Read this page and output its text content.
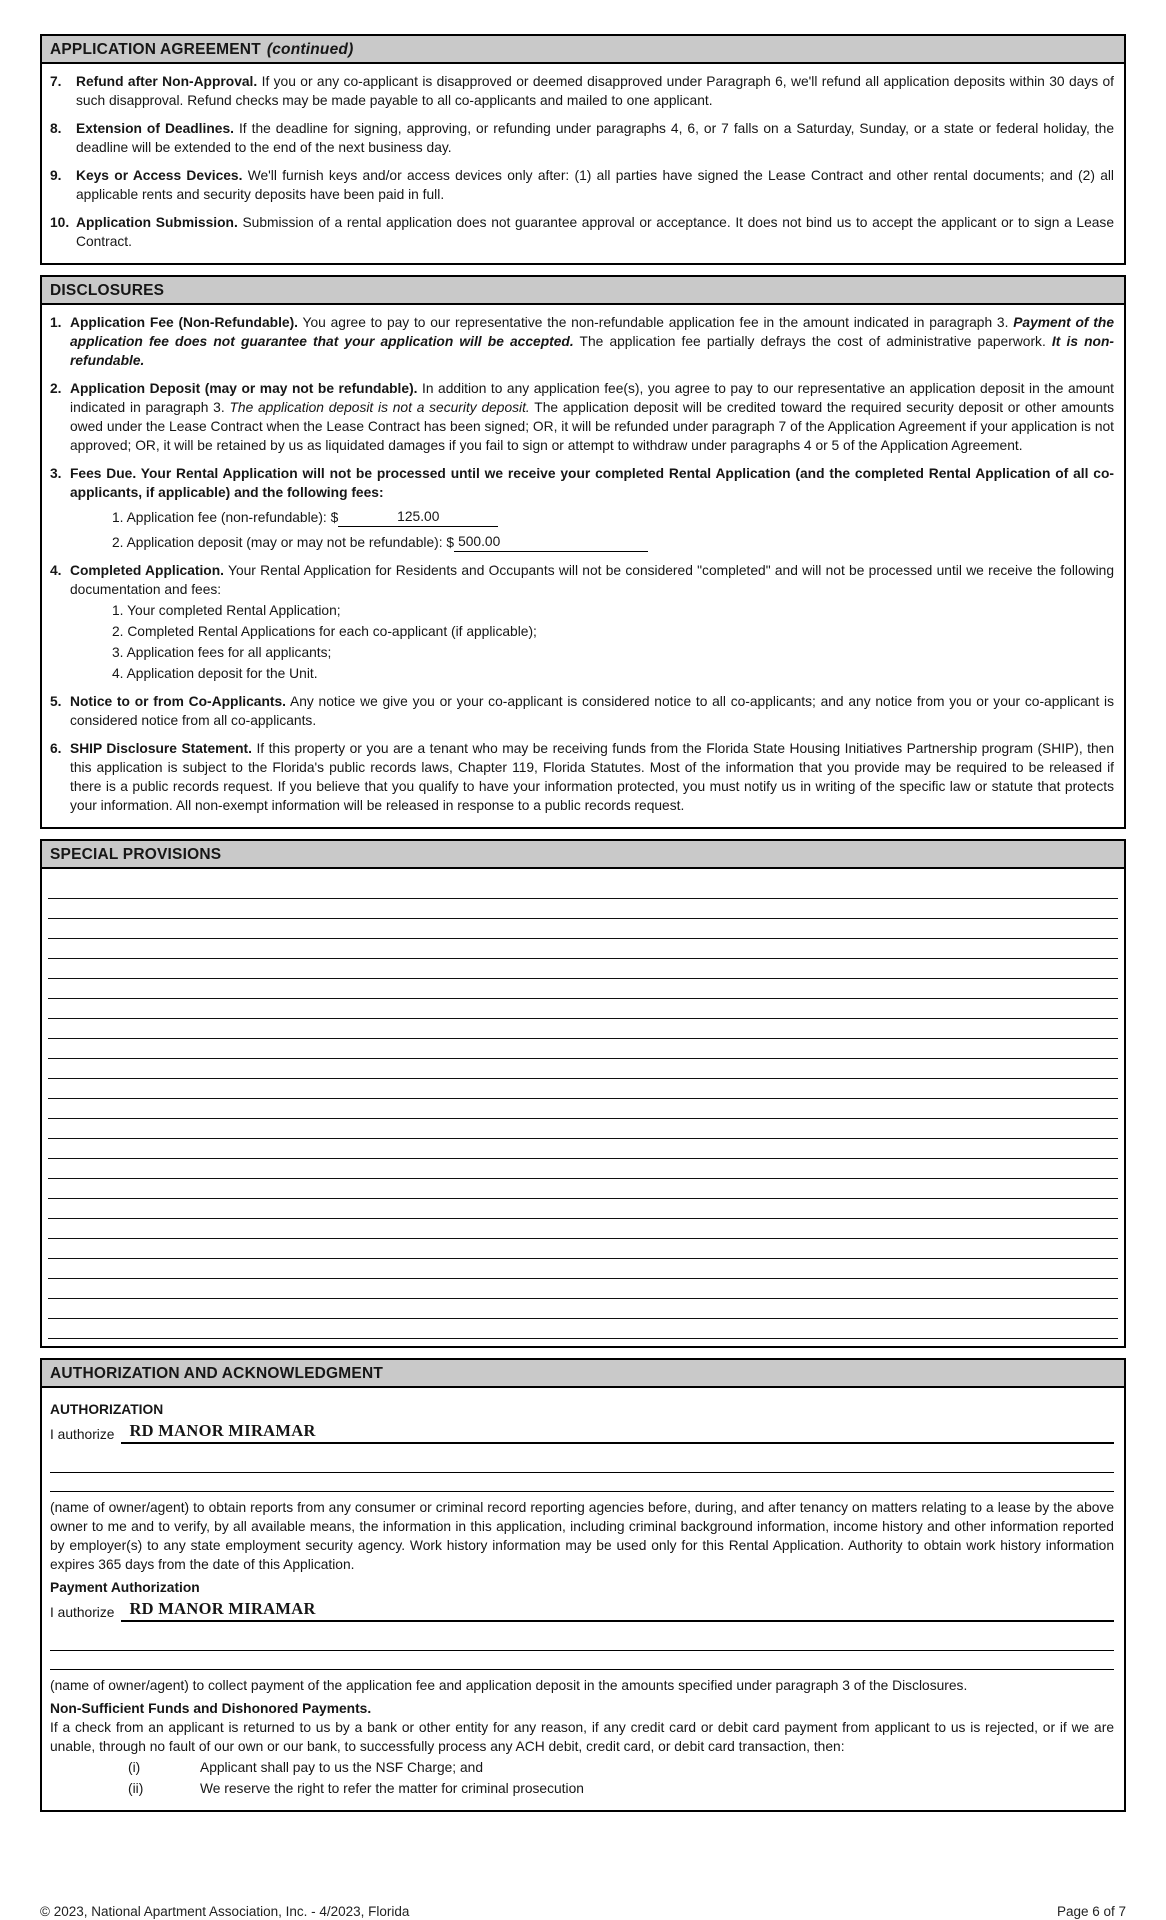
APPLICATION AGREEMENT (continued)
7.	Refund after Non-Approval. If you or any co-applicant is disapproved or deemed disapproved under Paragraph 6, we'll refund all application deposits within 30 days of such disapproval. Refund checks may be made payable to all co-applicants and mailed to one applicant.

8.	Extension of Deadlines. If the deadline for signing, approving, or refunding under paragraphs 4, 6, or 7 falls on a Saturday, Sunday, or a state or federal holiday, the deadline will be extended to the end of the next business day.

9.	Keys or Access Devices. We'll furnish keys and/or access devices only after: (1) all parties have signed the Lease Contract and other rental documents; and (2) all applicable rents and security deposits have been paid in full.

10. Application Submission. Submission of a rental application does not guarantee approval or acceptance. It does not bind us to accept the applicant or to sign a Lease Contract.

DISCLOSURES
1. Application Fee (Non-Refundable). You agree to pay to our representative the non-refundable application fee in the amount indicated in paragraph 3. Payment of the application fee does not guarantee that your application will be accepted. The application fee partially defrays the cost of administrative paperwork. It is non-refundable.

2. Application Deposit (may or may not be refundable). In addition to any application fee(s), you agree to pay to our representative an application deposit in the amount indicated in paragraph 3. The application deposit is not a security deposit. The application deposit will be credited toward the required security deposit or other amounts owed under the Lease Contract when the Lease Contract has been signed; OR, it will be refunded under paragraph 7 of the Application Agreement if your application is not approved; OR, it will be retained by us as liquidated damages if you fail to sign or attempt to withdraw under paragraphs 4 or 5 of the Application Agreement.

3. Fees Due. Your Rental Application will not be processed until we receive your completed Rental Application (and the completed Rental Application of all co-applicants, if applicable) and the following fees:

1. Application fee (non-refundable): $	125.00
2. Application deposit (may or may not be refundable): $ 500.00
4. Completed Application. Your Rental Application for Residents and Occupants will not be considered "completed" and will not be processed until we receive the following documentation and fees:

1. Your completed Rental Application;
2. Completed Rental Applications for each co-applicant (if applicable);
3. Application fees for all applicants;
4. Application deposit for the Unit.
5. Notice to or from Co-Applicants. Any notice we give you or your co-applicant is considered notice to all co-applicants; and any notice from you or your co-applicant is considered notice from all co-applicants.

6. SHIP Disclosure Statement. If this property or you are a tenant who may be receiving funds from the Florida State Housing Initiatives Partnership program (SHIP), then this application is subject to the Florida's public records laws, Chapter 119, Florida Statutes. Most of the information that you provide may be required to be released if there is a public records request. If you believe that you qualify to have your information protected, you must notify us in writing of the specific law or statute that protects your information. All non-exempt information will be released in response to a public records request.

SPECIAL PROVISIONS
AUTHORIZATION AND ACKNOWLEDGMENT
AUTHORIZATION
I authorize RD MANOR MIRAMAR

(name of owner/agent) to obtain reports from any consumer or criminal record reporting agencies before, during, and after tenancy on matters relating to a lease by the above owner to me and to verify, by all available means, the information in this application, including criminal background information, income history and other information reported by employer(s) to any state employment security agency. Work history information may be used only for this Rental Application. Authority to obtain work history information expires 365 days from the date of this Application.

Payment Authorization
I authorize RD MANOR MIRAMAR

(name of owner/agent) to collect payment of the application fee and application deposit in the amounts specified under paragraph 3 of the Disclosures.

Non-Sufficient Funds and Dishonored Payments.

If a check from an applicant is returned to us by a bank or other entity for any reason, if any credit card or debit card payment from applicant to us is rejected, or if we are unable, through no fault of our own or our bank, to successfully process any ACH debit, credit card, or debit card transaction, then:

(i)	Applicant shall pay to us the NSF Charge; and
(ii)	We reserve the right to refer the matter for criminal prosecution
© 2023, National Apartment Association, Inc. - 4/2023, Florida	Page 6 of 7
